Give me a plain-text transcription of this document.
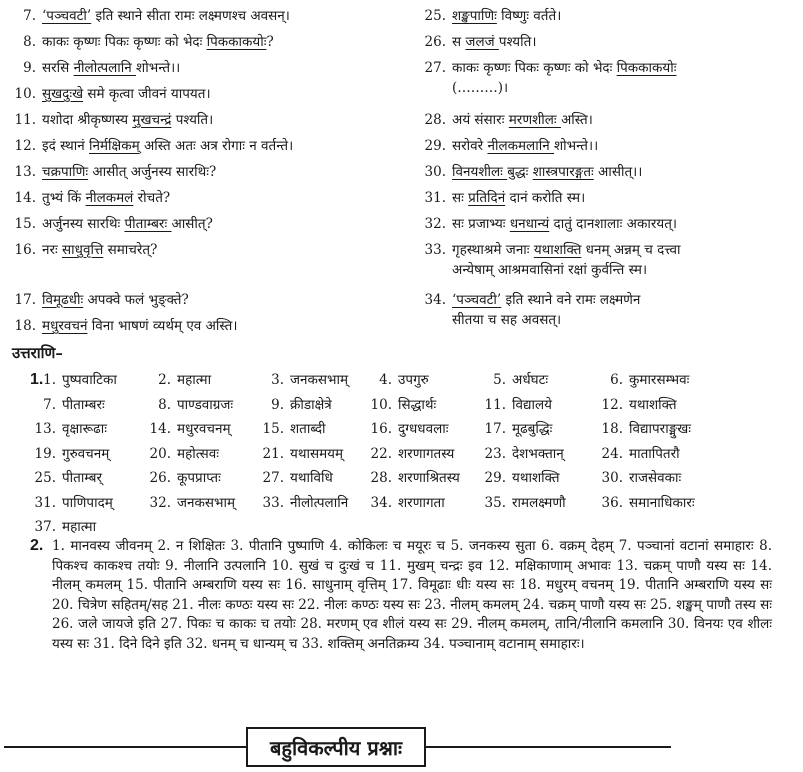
7. ‘पञ्चवटी’ इति स्थाने सीता रामः लक्ष्मणश्च अवसन्।
8. काकः कृष्णः पिकः कृष्णः को भेदः पिककाकयोः?
9. सरसि नीलोत्पलानि शोभन्ते।।
10. सुखदुःखे समे कृत्वा जीवनं यापयत।
11. यशोदा श्रीकृष्णस्य मुखचन्द्रं पश्यति।
12. इदं स्थानं निर्मक्षिकम् अस्ति अतः अत्र रोगाः न वर्तन्ते।
13. चक्रपाणिः आसीत् अर्जुनस्य सारथिः?
14. तुभ्यं किं नीलकमलं रोचते?
15. अर्जुनस्य सारथिः पीताम्बरः आसीत्?
16. नरः साधुवृत्ति समाचरेत्?
17. विमूढधीः अपक्वे फलं भुङ्क्ते?
18. मधुरवचनं विना भाषणं व्यर्थम् एव अस्ति।
25. शङ्खपाणिः विष्णुः वर्तते।
26. स जलजं पश्यति।
27. काकः कृष्णः पिकः कृष्णः को भेदः पिककाकयोः
(………)।
28. अयं संसारः मरणशीलः अस्ति।
29. सरोवरे नीलकमलानि शोभन्ते।।
30. विनयशीलः बुद्धः शास्त्रपारङ्गतः आसीत्।।
31. सः प्रतिदिनं दानं करोति स्म।
32. सः प्रजाभ्यः धनधान्यं दातुं दानशालाः अकारयत्।
33. गृहस्थाश्रमे जनाः यथाशक्ति धनम् अन्नम् च दत्त्वा
अन्येषाम् आश्रमवासिनां रक्षां कुर्वन्ति स्म।
34. ‘पञ्चवटी’ इति स्थाने वने रामः लक्ष्मणेन
सीतया च सह अवसत्।
उत्तराणि–
1. 1. पुष्पवाटिका	2. महात्मा	3. जनकसभाम्	4. उपगुरु	5. अर्धघटः	6. कुमारसम्भवः
7. पीताम्बरः	8. पाण्डवाग्रजः	9. क्रीडाक्षेत्रे	10. सिद्धार्थः	11. विद्यालये	12. यथाशक्ति
13. वृक्षारूढाः	14. मधुरवचनम्	15. शताब्दी	16. दुग्धधवलाः	17. मूढबुद्धिः	18. विद्यापराङ्मुखः
19. गुरुवचनम्	20. महोत्सवः	21. यथासमयम्	22. शरणागतस्य	23. देशभक्तान्	24. मातापितरौ
25. पीताम्बर्	26. कूपप्राप्तः	27. यथाविधि	28. शरणाश्रितस्य	29. यथाशक्ति	30. राजसेवकाः
31. पाणिपादम्	32. जनकसभाम्	33. नीलोत्पलानि	34. शरणागता	35. रामलक्ष्मणौ	36. समानाधिकारः
37. महात्मा
2. 1. मानवस्य जीवनम् 2. न शिक्षितः 3. पीतानि पुष्पाणि 4. कोकिलः च मयूरः च 5. जनकस्य सुता 6. वक्रम् देहम् 7. पञ्चानां वटानां समाहारः 8. पिकश्च काकश्च तयोः 9. नीलानि उत्पलानि 10. सुखं च दुःखं च 11. मुखम् चन्द्रः इव 12. मक्षिकाणाम् अभावः 13. चक्रम् पाणौ यस्य सः 14. नीलम् कमलम् 15. पीतानि अम्बराणि यस्य सः 16. साधुनाम् वृत्तिम् 17. विमूढाः धीः यस्य सः 18. मधुरम् वचनम् 19. पीतानि अम्बराणि यस्य सः 20. चित्रेण सहितम्/सह 21. नीलः कण्ठः यस्य सः 22. नीलः कण्ठः यस्य सः 23. नीलम् कमलम् 24. चक्रम् पाणौ यस्य सः 25. शङ्खम् पाणौ तस्य सः 26. जले जायजे इति 27. पिकः च काकः च तयोः 28. मरणम् एव शीलं यस्य सः 29. नीलम् कमलम्, तानि/नीलानि कमलानि 30. विनयः एव शीलः यस्य सः 31. दिने दिने इति 32. धनम् च धान्यम् च 33. शक्तिम् अनतिक्रम्य 34. पञ्चानाम् वटानाम् समाहारः।
बहुविकल्पीय प्रश्नाः
